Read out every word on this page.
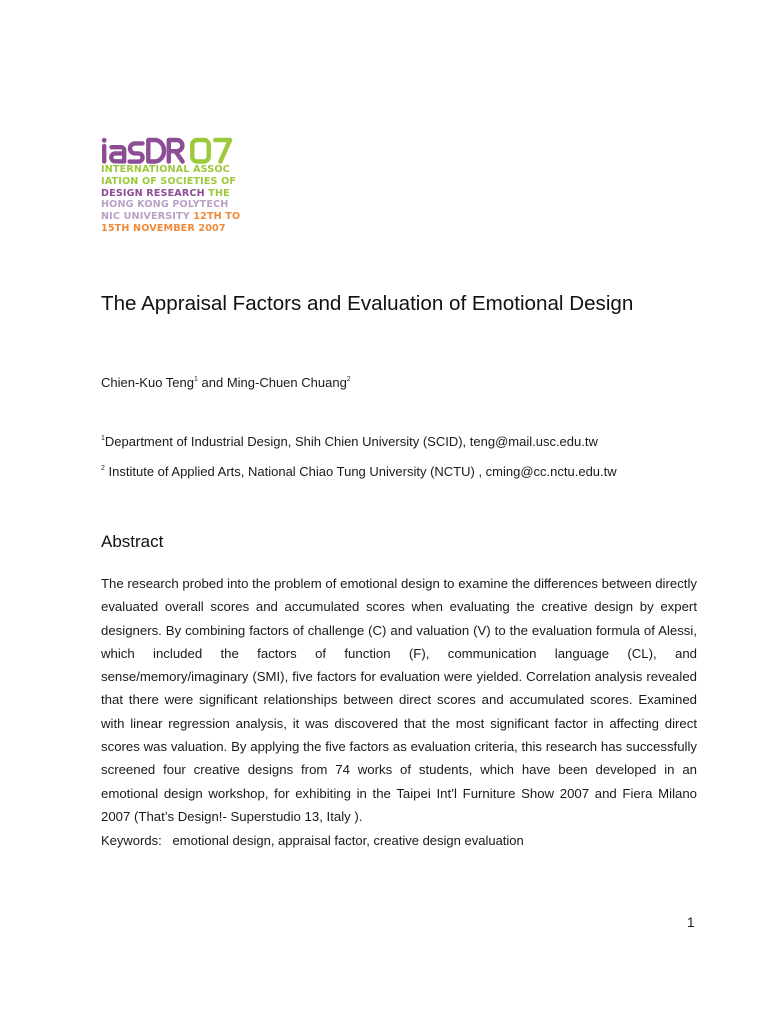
INTERNATIONAL ASSOC
IATION OF SOCIETIES OF
DESIGN RESEARCH THE
HONG KONG POLYTECH
NIC UNIVERSITY 12TH TO
15TH NOVEMBER 2007
The Appraisal Factors and Evaluation of Emotional Design
Chien-Kuo Teng$^1$ and Ming-Chuen Chuang$^2$
$^1$Department of Industrial Design, Shih Chien University (SCID), teng@mail.usc.edu.tw
$^2$ Institute of Applied Arts, National Chiao Tung University (NCTU) , cming@cc.nctu.edu.tw
Abstract

The research probed into the problem of emotional design to examine the differences between directly evaluated overall scores and accumulated scores when evaluating the creative design by expert designers. By combining factors of challenge (C) and valuation (V) to the evaluation formula of Alessi, which included the factors of function (F), communication language (CL), and sense/memory/imaginary (SMI), five factors for evaluation were yielded. Correlation analysis revealed that there were significant relationships between direct scores and accumulated scores. Examined with linear regression analysis, it was discovered that the most significant factor in affecting direct scores was valuation. By applying the five factors as evaluation criteria, this research has successfully screened four creative designs from 74 works of students, which have been developed in an emotional design workshop, for exhibiting in the Taipei Int’l Furniture Show 2007 and Fiera Milano 2007 (That’s Design!- Superstudio 13, Italy ).

Keywords: emotional design, appraisal factor, creative design evaluation
1
